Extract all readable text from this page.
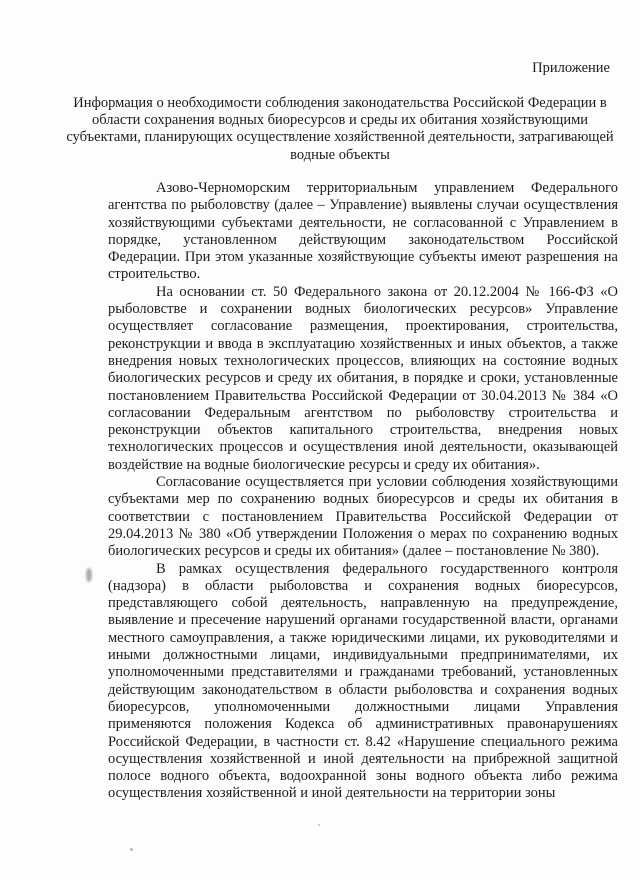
Приложение
Информация о необходимости соблюдения законодательства Российской Федерации в области сохранения водных биоресурсов и среды их обитания хозяйствующими субъектами, планирующих осуществление хозяйственной деятельности, затрагивающей водные объекты

Азово-Черноморским территориальным управлением Федерального агентства по рыболовству (далее – Управление) выявлены случаи осуществления хозяйствующими субъектами деятельности, не согласованной с Управлением в порядке, установленном действующим законодательством Российской Федерации. При этом указанные хозяйствующие субъекты имеют разрешения на строительство.

На основании ст. 50 Федерального закона от 20.12.2004 № 166-ФЗ «О рыболовстве и сохранении водных биологических ресурсов» Управление осуществляет согласование размещения, проектирования, строительства, реконструкции и ввода в эксплуатацию хозяйственных и иных объектов, а также внедрения новых технологических процессов, влияющих на состояние водных биологических ресурсов и среду их обитания, в порядке и сроки, установленные постановлением Правительства Российской Федерации от 30.04.2013 № 384 «О согласовании Федеральным агентством по рыболовству строительства и реконструкции объектов капитального строительства, внедрения новых технологических процессов и осуществления иной деятельности, оказывающей воздействие на водные биологические ресурсы и среду их обитания».

Согласование осуществляется при условии соблюдения хозяйствующими субъектами мер по сохранению водных биоресурсов и среды их обитания в соответствии с постановлением Правительства Российской Федерации от 29.04.2013 № 380 «Об утверждении Положения о мерах по сохранению водных биологических ресурсов и среды их обитания» (далее – постановление № 380).

В рамках осуществления федерального государственного контроля (надзора) в области рыболовства и сохранения водных биоресурсов, представляющего собой деятельность, направленную на предупреждение, выявление и пресечение нарушений органами государственной власти, органами местного самоуправления, а также юридическими лицами, их руководителями и иными должностными лицами, индивидуальными предпринимателями, их уполномоченными представителями и гражданами требований, установленных действующим законодательством в области рыболовства и сохранения водных биоресурсов, уполномоченными должностными лицами Управления применяются положения Кодекса об административных правонарушениях Российской Федерации, в частности ст. 8.42 «Нарушение специального режима осуществления хозяйственной и иной деятельности на прибрежной защитной полосе водного объекта, водоохранной зоны водного объекта либо режима осуществления хозяйственной и иной деятельности на территории зоны
